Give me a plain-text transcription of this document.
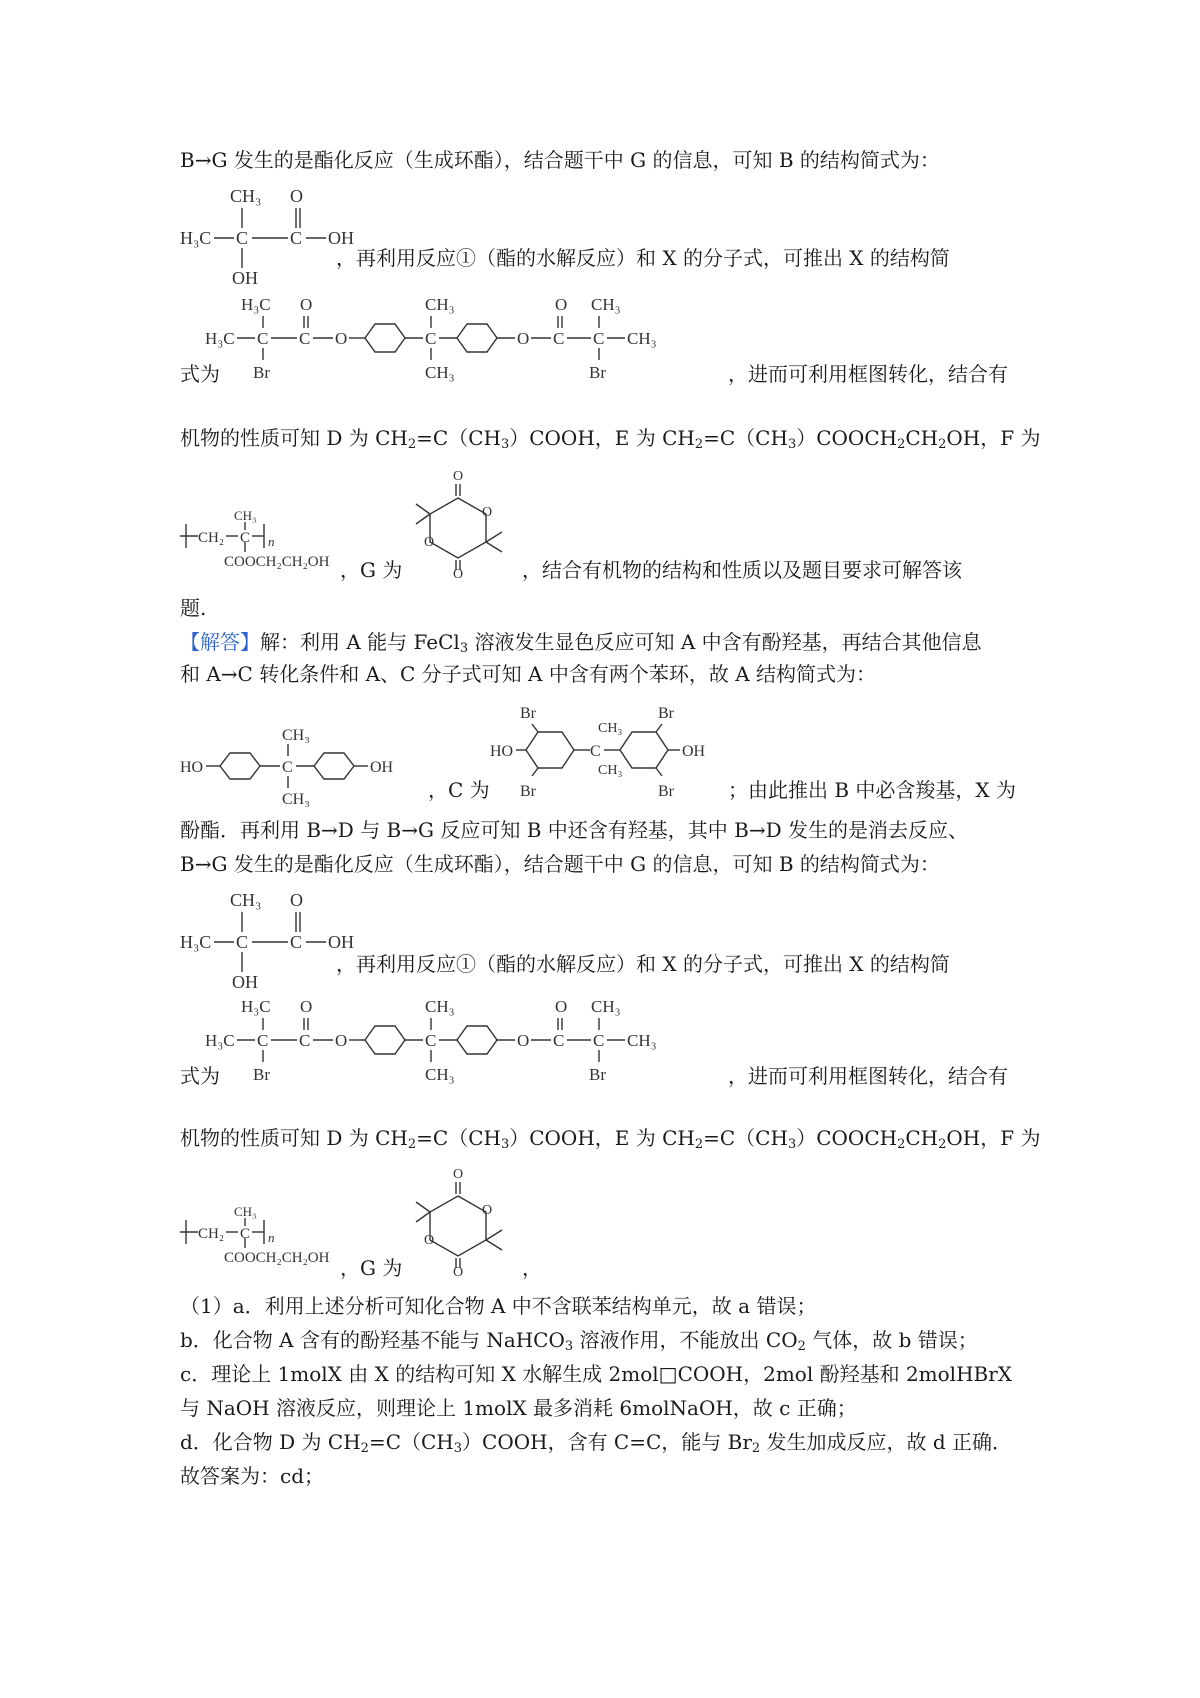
B→G 发生的是酯化反应（生成环酯），结合题干中 G 的信息，可知 B 的结构简式为：
CH₃ O
H₃C C C OH
OH
，再利用反应①（酯的水解反应）和 X 的分子式，可推出 X 的结构简
H₃C O
H₃C C C O	C
CH₃
CH₃
O C
O
C
CH₃
CH₃
Br	Br
式为	，进而可利用框图转化，结合有
机物的性质可知 D 为 $CH_2=C(CH_3)COOH$，E 为 $CH_2=C(CH_3)COOCH_2CH_2OH$，F 为
CH₂ C
CH₃
n
COOCH₂CH₂OH ，G 为
O
O
O
O	，结合有机物的结构和性质以及题目要求可解答该
题.
【解答】解：利用 A 能与 FeCl$_3$ 溶液发生显色反应可知 A 中含有酚羟基，再结合其他信息
和 A→C 转化条件和 A、C 分子式可知 A 中含有两个苯环，故 A 结构简式为：
HO	C
CH₃
CH₃
OH
，C 为
Br
HO
Br
C
CH₃
CH₃
Br
Br
OH
；由此推出 B 中必含羧基，X 为
酚酯．再利用 B→D 与 B→G 反应可知 B 中还含有羟基，其中 B→D 发生的是消去反应、
B→G 发生的是酯化反应（生成环酯），结合题干中 G 的信息，可知 B 的结构简式为：
CH₃ O
H₃C C C OH
OH
，再利用反应①（酯的水解反应）和 X 的分子式，可推出 X 的结构简
H₃C O
H₃C C C O	C
CH₃
CH₃
O C
O
C
CH₃
CH₃
Br	Br
式为	，进而可利用框图转化，结合有
机物的性质可知 D 为 $CH_2=C(CH_3)COOH$，E 为 $CH_2=C(CH_3)COOCH_2CH_2OH$，F 为
CH₂ C
CH₃
n
COOCH₂CH₂OH ，G 为
O
O
O
O	，
（1）a．利用上述分析可知化合物 A 中不含联苯结构单元，故 a 错误；
b．化合物 A 含有的酚羟基不能与 NaHCO$_3$ 溶液作用，不能放出 $CO_2$ 气体，故 b 错误；
c．理论上 1molX 由 X 的结构可知 X 水解生成 2mol□COOH，2mol 酚羟基和 2molHBrX
与 NaOH 溶液反应，则理论上 1molX 最多消耗 6molNaOH，故 c 正确；
d．化合物 D 为 $CH_2=C(CH_3)COOH$，含有 C=C，能与 $Br_2$ 发生加成反应，故 d 正确．
故答案为：cd；
